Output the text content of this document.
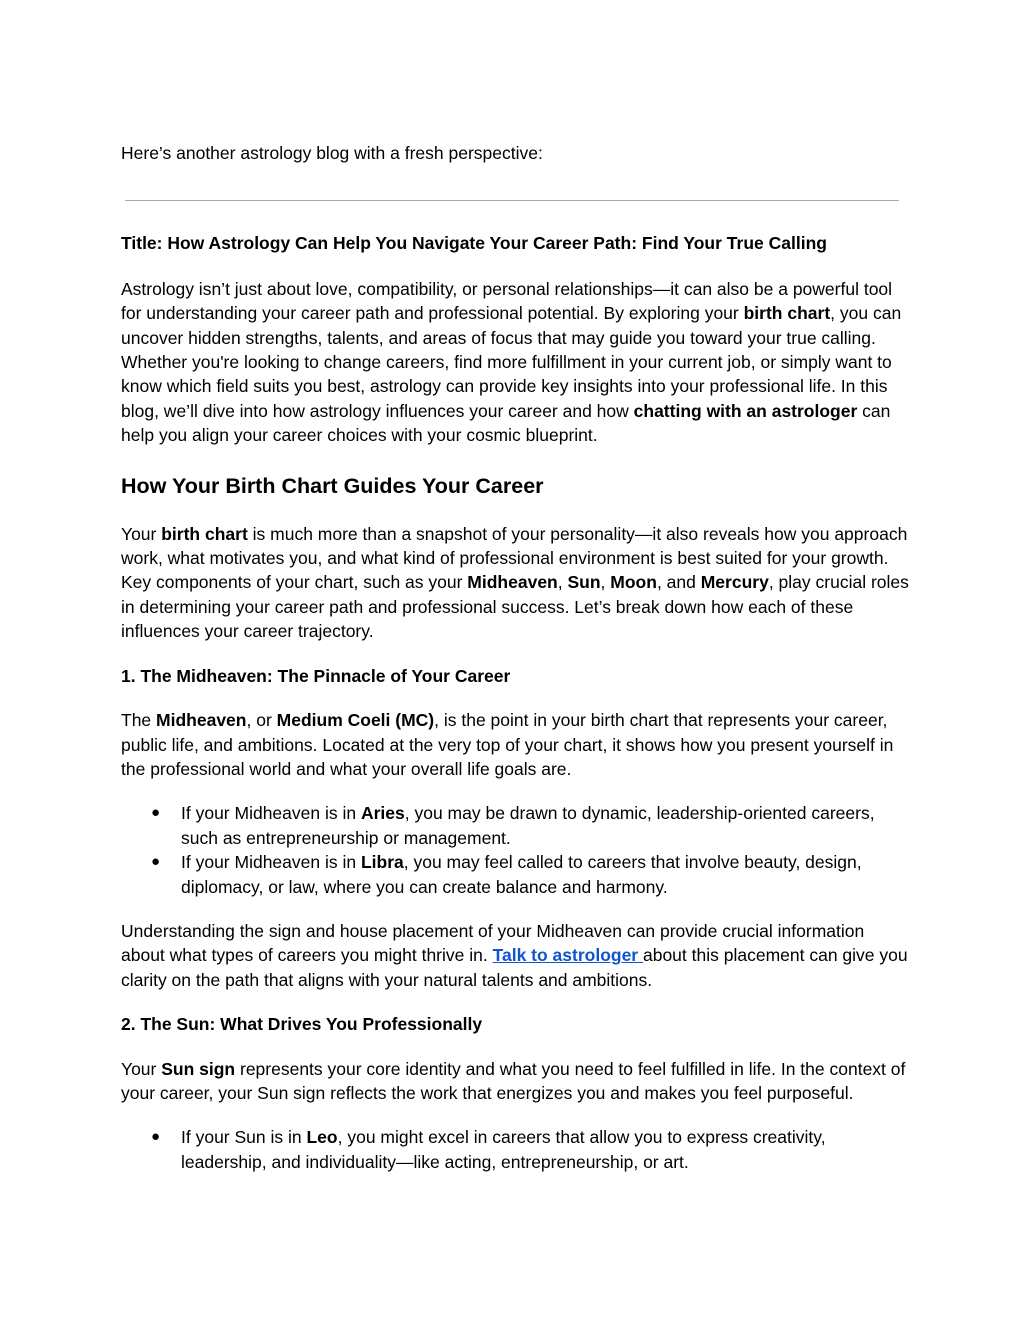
Here’s another astrology blog with a fresh perspective:

Title: How Astrology Can Help You Navigate Your Career Path: Find Your True Calling

Astrology isn’t just about love, compatibility, or personal relationships—it can also be a powerful tool for understanding your career path and professional potential. By exploring your birth chart, you can uncover hidden strengths, talents, and areas of focus that may guide you toward your true calling. Whether you're looking to change careers, find more fulfillment in your current job, or simply want to know which field suits you best, astrology can provide key insights into your professional life. In this blog, we’ll dive into how astrology influences your career and how chatting with an astrologer can help you align your career choices with your cosmic blueprint.

How Your Birth Chart Guides Your Career

Your birth chart is much more than a snapshot of your personality—it also reveals how you approach work, what motivates you, and what kind of professional environment is best suited for your growth. Key components of your chart, such as your Midheaven, Sun, Moon, and Mercury, play crucial roles in determining your career path and professional success. Let’s break down how each of these influences your career trajectory.

1. The Midheaven: The Pinnacle of Your Career

The Midheaven, or Medium Coeli (MC), is the point in your birth chart that represents your career, public life, and ambitions. Located at the very top of your chart, it shows how you present yourself in the professional world and what your overall life goals are.

● If your Midheaven is in Aries, you may be drawn to dynamic, leadership-oriented careers, such as entrepreneurship or management.
● If your Midheaven is in Libra, you may feel called to careers that involve beauty, design, diplomacy, or law, where you can create balance and harmony.

Understanding the sign and house placement of your Midheaven can provide crucial information about what types of careers you might thrive in. Talk to astrologer about this placement can give you clarity on the path that aligns with your natural talents and ambitions.

2. The Sun: What Drives You Professionally

Your Sun sign represents your core identity and what you need to feel fulfilled in life. In the context of your career, your Sun sign reflects the work that energizes you and makes you feel purposeful.

● If your Sun is in Leo, you might excel in careers that allow you to express creativity, leadership, and individuality—like acting, entrepreneurship, or art.
